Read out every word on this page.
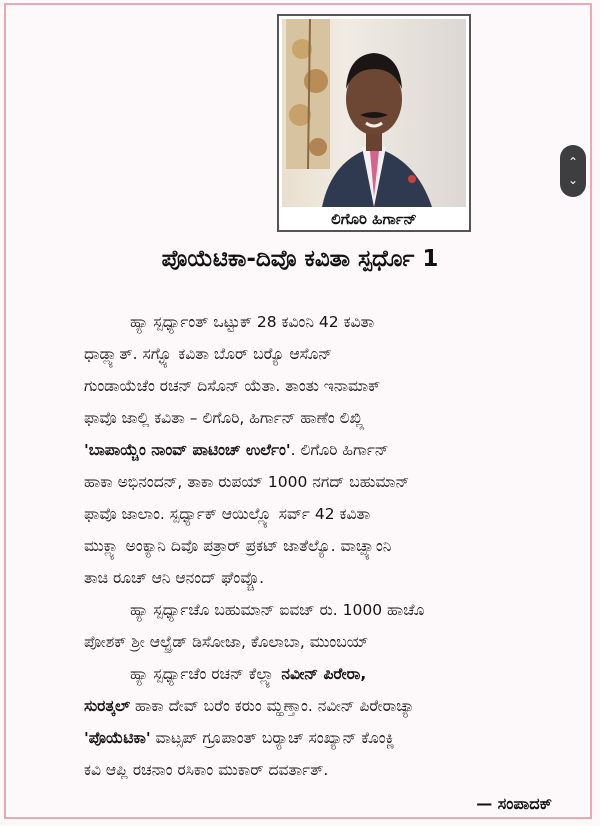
ಲಿಗೊರಿ ಹಿರ್ಗಾನ್
ಪೊಯೆಟಿಕಾ-ದಿವೊ ಕವಿತಾ ಸ್ಪರ್ಧೊ 1
ಹ್ಯಾ ಸ್ಪರ್ಧ್ಯಾಂತ್ ಒಟ್ಟುಕ್ 28 ಕವಿಂನಿ 42 ಕವಿತಾ
ಧಾಡ್ಲ್ಯಾತ್. ಸಗ್ಳ್ಯೊ ಕವಿತಾ ಬೊರ್ ಬರ್‍ಯೊ ಆಸೊನ್
ಗುಂಡಾಯೆಚೆಂ ರಚನ್ ದಿಸೊನ್ ಯೆತಾ. ತಾಂತು ಇನಾಮಾಕ್
ಫಾವೊ ಜಾಲ್ಲಿ ಕವಿತಾ – ಲಿಗೊರಿ, ಹಿರ್ಗಾನ್ ಹಾಣೆಂ ಲಿಖ್ಲ್ಲಿ
'ಬಾಪಾಯ್ಚೆಂ ನಾಂವ್ ಪಾಟಿಂಚ್ ಉರ್ಲೆಂ'. ಲಿಗೊರಿ ಹಿರ್ಗಾನ್
ಹಾಕಾ ಅಭಿನಂದನ್, ತಾಕಾ ರುಪಯ್ 1000 ನಗದ್ ಬಹುಮಾನ್
ಫಾವೊ ಜಾಲಾಂ. ಸ್ಪರ್ಧ್ಯಾಕ್ ಆಯಿಲ್ಲ್ಯೊ ಸರ್ವ್ 42 ಕವಿತಾ
ಮುಕ್ಲ್ಯಾ ಅಂಕ್ಯಾನಿ ದಿವೊ ಪತ್ರಾರ್ ಪ್ರಕಟ್ ಜಾತೆಲ್ಯೊ. ವಾಚ್ಪ್ಯಾಂನಿ
ತಾಚಿ ರೂಚ್ ಆನಿ ಆನಂದ್ ಘೆಂವ್ಚೊ.
ಹ್ಯಾ ಸ್ಪರ್ಧ್ಯಾಚೊ ಬಹುಮಾನ್ ಐವಜ್ ರು. 1000 ಹಾಚೊ
ಪೋಶಕ್ ಶ್ರೀ ಆಲ್ಫ್ರೆಡ್ ಡಿಸೋಜಾ, ಕೊಲಾಬಾ, ಮುಂಬಯ್
ಹ್ಯಾ ಸ್ಪರ್ಧ್ಯಾಚೆಂ ರಚನ್ ಕೆಲ್ಲ್ಯಾ ನವೀನ್ ಪಿರೇರಾ,
ಸುರತ್ಕಲ್ ಹಾಕಾ ದೇವ್ ಬರೆಂ ಕರುಂ ಮ್ಹಣ್ತಾಂ. ನವೀನ್ ಪಿರೇರಾಚ್ಯಾ
'ಪೊಯೆಟಿಕಾ' ವಾಟ್ಸಪ್ ಗ್ರೂಪಾಂತ್ ಬರ್‍ಯಾಚ್ ಸಂಖ್ಯಾನ್ ಕೊಂಕ್ಣಿ
ಕವಿ ಆಪ್ಲಿ ರಚನಾಂ ರಸಿಕಾಂ ಮುಕಾರ್ ದವರ್ತಾತ್.
— ಸಂಪಾದಕ್
⌃
⌄
